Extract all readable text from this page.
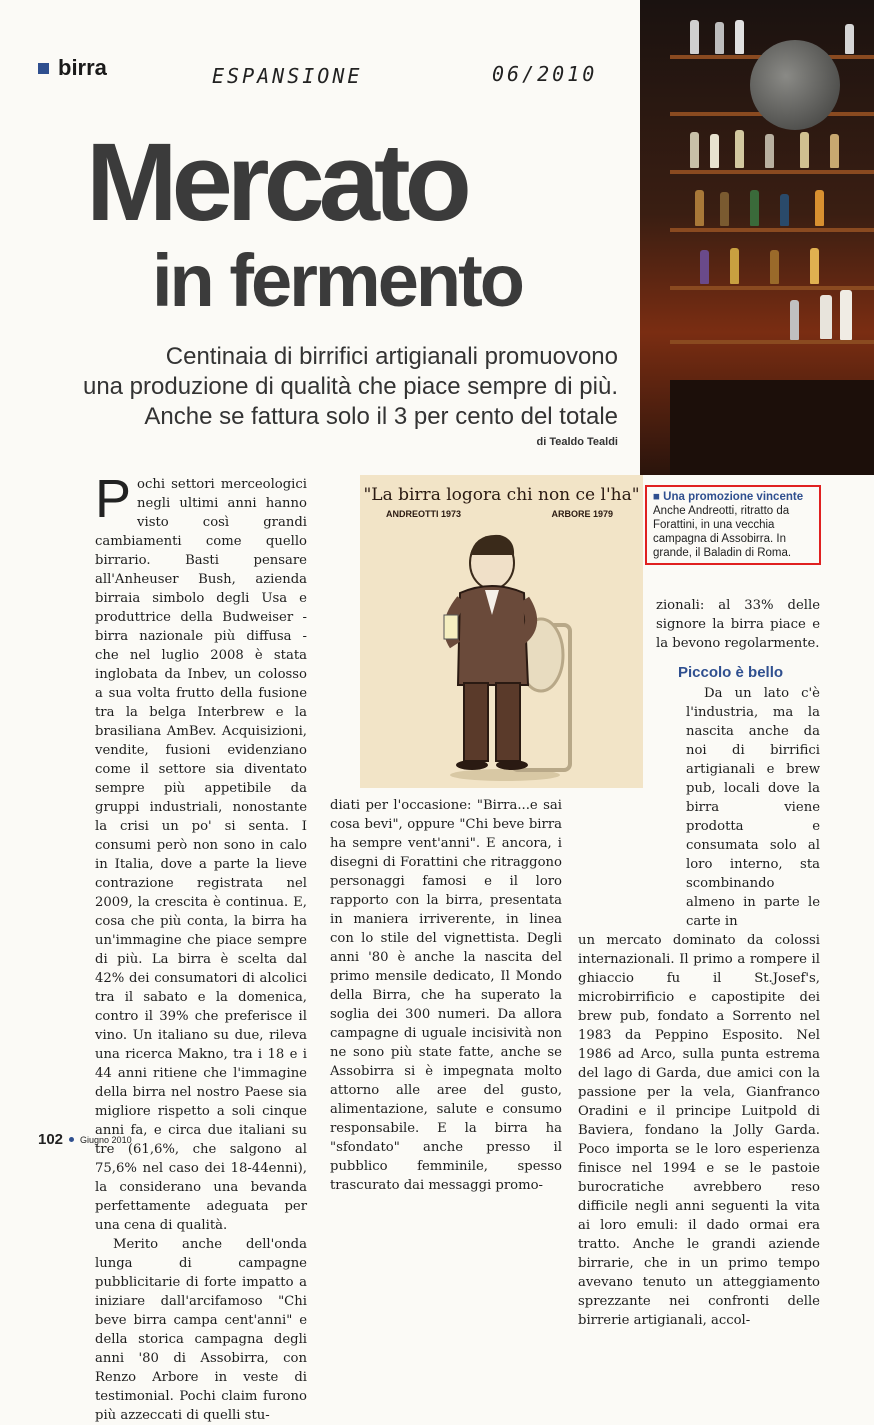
birra	ESPANSIONE	06/2010
Mercato
in fermento
Centinaia di birrifici artigianali promuovono
una produzione di qualità che piace sempre di più.
Anche se fattura solo il 3 per cento del totale
di Tealdo Tealdi
"La birra logora chi non ce l'ha"
ANDREOTTI 1973	ARBORE 1979
■ Una promozione vincente
Anche Andreotti, ritratto da Forattini, in una vecchia campagna di Assobirra. In grande, il Baladin di Roma.

Pochi settori merceologici negli ultimi anni hanno visto così grandi cambiamenti come quello birrario. Basti pensare all'Anheuser Bush, azienda birraia simbolo degli Usa e produttrice della Budweiser - birra nazionale più diffusa - che nel luglio 2008 è stata inglobata da Inbev, un colosso a sua volta frutto della fusione tra la belga Interbrew e la brasiliana AmBev. Acquisizioni, vendite, fusioni evidenziano come il settore sia diventato sempre più appetibile da gruppi industriali, nonostante la crisi un po' si senta. I consumi però non sono in calo in Italia, dove a parte la lieve contrazione registrata nel 2009, la crescita è continua. E, cosa che più conta, la birra ha un'immagine che piace sempre di più. La birra è scelta dal 42% dei consumatori di alcolici tra il sabato e la domenica, contro il 39% che preferisce il vino. Un italiano su due, rileva una ricerca Makno, tra i 18 e i 44 anni ritiene che l'immagine della birra nel nostro Paese sia migliore rispetto a soli cinque anni fa, e circa due italiani su tre (61,6%, che salgono al 75,6% nel caso dei 18-44enni), la considerano una bevanda perfettamente adeguata per una cena di qualità.

Merito anche dell'onda lunga di campagne pubblicitarie di forte impatto a iniziare dall'arcifamoso "Chi beve birra campa cent'anni" e della storica campagna degli anni '80 di Assobirra, con Renzo Arbore in veste di testimonial. Pochi claim furono più azzeccati di quelli stu-

diati per l'occasione: "Birra...e sai cosa bevi", oppure "Chi beve birra ha sempre vent'anni". E ancora, i disegni di Forattini che ritraggono personaggi famosi e il loro rapporto con la birra, presentata in maniera irriverente, in linea con lo stile del vignettista. Degli anni '80 è anche la nascita del primo mensile dedicato, Il Mondo della Birra, che ha superato la soglia dei 300 numeri. Da allora campagne di uguale incisività non ne sono più state fatte, anche se Assobirra si è impegnata molto attorno alle aree del gusto, alimentazione, salute e consumo responsabile. E la birra ha "sfondato" anche presso il pubblico femminile, spesso trascurato dai messaggi promo-

zionali: al 33% delle signore la birra piace e la bevono regolarmente.

Piccolo è bello

Da un lato c'è l'industria, ma la nascita anche da noi di birrifici artigianali e brew pub, locali dove la birra viene prodotta e consumata solo al loro interno, sta scombinando almeno in parte le carte in

un mercato dominato da colossi internazionali. Il primo a rompere il ghiaccio fu il St.Josef's, microbirrificio e capostipite dei brew pub, fondato a Sorrento nel 1983 da Peppino Esposito. Nel 1986 ad Arco, sulla punta estrema del lago di Garda, due amici con la passione per la vela, Gianfranco Oradini e il principe Luitpold di Baviera, fondano la Jolly Garda. Poco importa se le loro esperienza finisce nel 1994 e se le pastoie burocratiche avrebbero reso difficile negli anni seguenti la vita ai loro emuli: il dado ormai era tratto. Anche le grandi aziende birrarie, che in un primo tempo avevano tenuto un atteggiamento sprezzante nei confronti delle birrerie artigianali, accol-

102 Giugno 2010
